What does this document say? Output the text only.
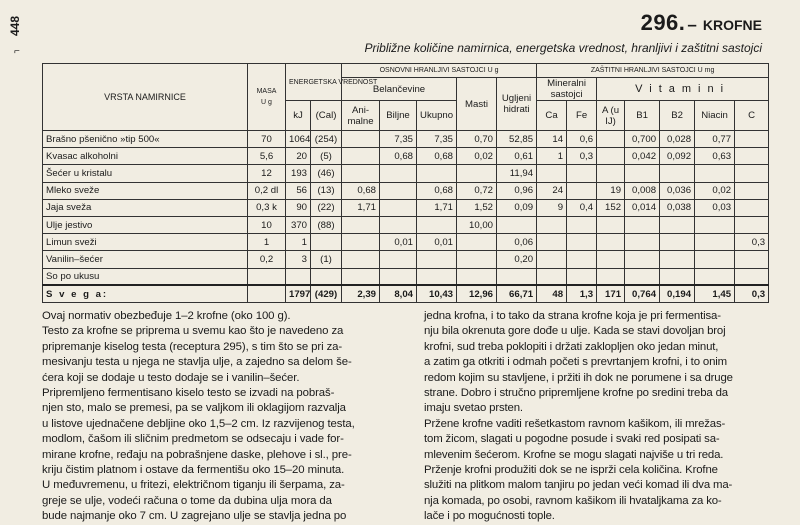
448
⌐
296. – KROFNE
Približne količine namirnica, energetska vrednost, hranljivi i zaštitni sastojci
VRSTA NAMIRNICE	MASA
U g	ENERGETSKA VREDNOST		OSNOVNI HRANLJIVI SASTOJCI U g					ZAŠTITNI HRANLJIVI SASTOJCI U mg						
				Belančevine			Masti	Ugljeni hidrati	Mineralni sastojci		Vitamini				
		kJ	(Cal)	Ani-malne	Biljne	Ukupno			Ca	Fe	A (u IJ)	B1	B2	Niacin	C
Brašno pšenično »tip 500«	70	1064	(254)		7,35	7,35	0,70	52,85	14	0,6		0,700	0,028	0,77	
Kvasac alkoholni	5,6	20	(5)		0,68	0,68	0,02	0,61	1	0,3		0,042	0,092	0,63	
Šećer u kristalu	12	193	(46)					11,94							
Mleko sveže	0,2 dl	56	(13)	0,68		0,68	0,72	0,96	24		19	0,008	0,036	0,02	
Jaja sveža	0,3 k	90	(22)	1,71		1,71	1,52	0,09	9	0,4	152	0,014	0,038	0,03	
Ulje jestivo	10	370	(88)				10,00								
Limun sveži	1	1			0,01	0,01		0,06							0,3
Vanilin–šećer	0,2	3	(1)					0,20							
So po ukusu															
S v e g a:		1797	(429)	2,39	8,04	10,43	12,96	66,71	48	1,3	171	0,764	0,194	1,45	0,3
Ovaj normativ obezbeđuje 1–2 krofne (oko 100 g).
Testo za krofne se priprema u svemu kao što je navedeno za
pripremanje kiselog testa (receptura 295), s tim što se pri za-
mesivanju testa u njega ne stavlja ulje, a zajedno sa delom še-
ćera koji se dodaje u testo dodaje se i vanilin–šećer.
Pripremljeno fermentisano kiselo testo se izvadi na pobraš-
njen sto, malo se premesi, pa se valjkom ili oklagijom razvalja
u listove ujednačene debljine oko 1,5–2 cm. Iz razvijenog testa,
modlom, čašom ili sličnim predmetom se odsecaju i vade for-
mirane krofne, ređaju na pobrašnjene daske, plehove i sl., pre-
kriju čistim platnom i ostave da fermentišu oko 15–20 minuta.
U međuvremenu, u fritezi, električnom tiganju ili šerpama, za-
greje se ulje, vodeći računa o tome da dubina ulja mora da
bude najmanje oko 7 cm. U zagrejano ulje se stavlja jedna po
jedna krofna, i to tako da strana krofne koja je pri fermentisa-
nju bila okrenuta gore dođe u ulje. Kada se stavi dovoljan broj
krofni, sud treba poklopiti i držati zaklopljen oko jedan minut,
a zatim ga otkriti i odmah početi s prevrtanjem krofni, i to onim
redom kojim su stavljene, i pržiti ih dok ne porumene i sa druge
strane. Dobro i stručno pripremljene krofne po sredini treba da
imaju svetao prsten.
Pržene krofne vaditi rešetkastom ravnom kašikom, ili mrežas-
tom žicom, slagati u pogodne posude i svaki red posipati sa-
mlevenim šećerom. Krofne se mogu slagati najviše u tri reda.
Prženje krofni produžiti dok se ne isprži cela količina. Krofne
služiti na plitkom malom tanjiru po jedan veći komad ili dva ma-
nja komada, po osobi, ravnom kašikom ili hvataljkama za ko-
lače i po mogućnosti tople.
